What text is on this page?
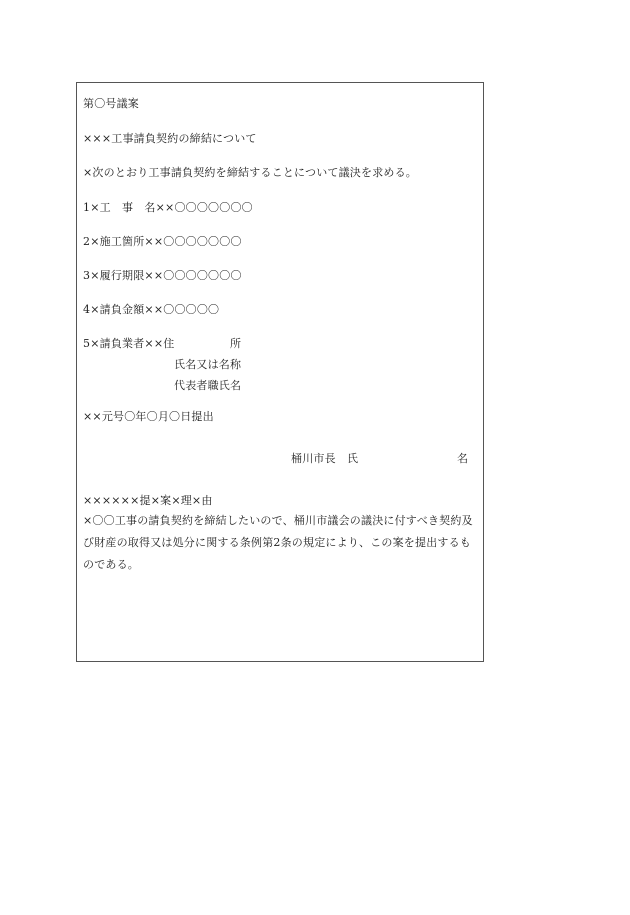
第〇号議案
×××工事請負契約の締結について
×次のとおり工事請負契約を締結することについて議決を求める。
1×工　事　名××〇〇〇〇〇〇〇
2×施工箇所××〇〇〇〇〇〇〇
3×履行期限××〇〇〇〇〇〇〇
4×請負金額××〇〇〇〇〇
5×請負業者××住	所
氏名又は名称
代表者職氏名
××元号〇年〇月〇日提出
桶川市長　氏	名
××××××提×案×理×由
×〇〇工事の請負契約を締結したいので、桶川市議会の議決に付すべき契約及び財産の取得又は処分に関する条例第2条の規定により、この案を提出するものである。
